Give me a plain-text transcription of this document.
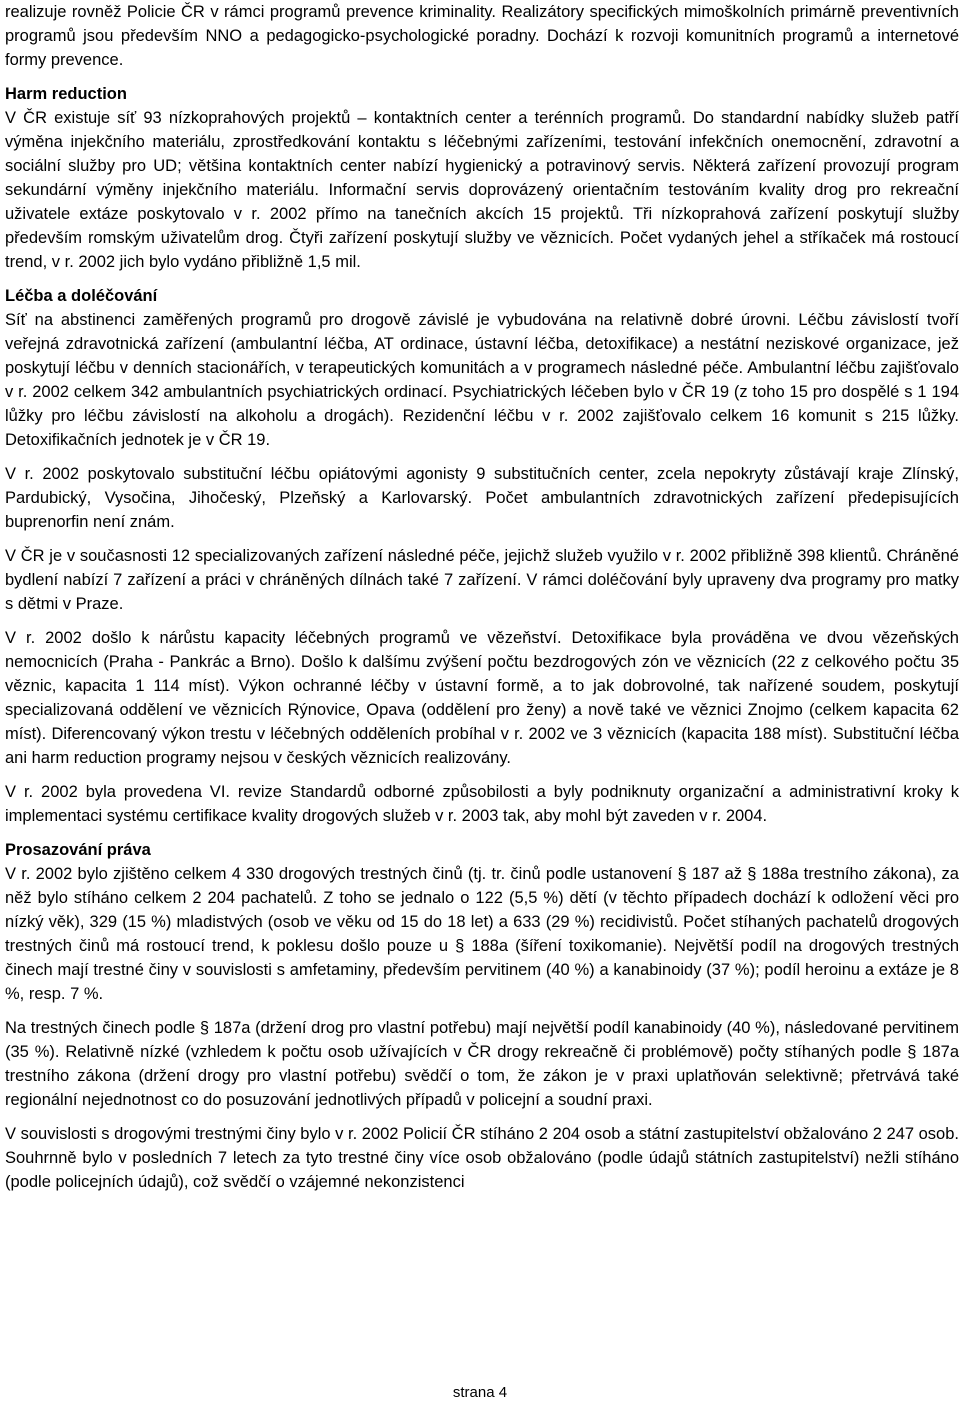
realizuje rovněž Policie ČR v rámci programů prevence kriminality. Realizátory specifických mimoškolních primárně preventivních programů jsou především NNO a pedagogicko-psychologické poradny. Dochází k rozvoji komunitních programů a internetové formy prevence.

Harm reduction

V ČR existuje síť 93 nízkoprahových projektů – kontaktních center a terénních programů. Do standardní nabídky služeb patří výměna injekčního materiálu, zprostředkování kontaktu s léčebnými zařízeními, testování infekčních onemocnění, zdravotní a sociální služby pro UD; většina kontaktních center nabízí hygienický a potravinový servis. Některá zařízení provozují program sekundární výměny injekčního materiálu. Informační servis doprovázený orientačním testováním kvality drog pro rekreační uživatele extáze poskytovalo v r. 2002 přímo na tanečních akcích 15 projektů. Tři nízkoprahová zařízení poskytují služby především romským uživatelům drog. Čtyři zařízení poskytují služby ve věznicích. Počet vydaných jehel a stříkaček má rostoucí trend, v r. 2002 jich bylo vydáno přibližně 1,5 mil.

Léčba a doléčování

Síť na abstinenci zaměřených programů pro drogově závislé je vybudována na relativně dobré úrovni. Léčbu závislostí tvoří veřejná zdravotnická zařízení (ambulantní léčba, AT ordinace, ústavní léčba, detoxifikace) a nestátní neziskové organizace, jež poskytují léčbu v denních stacionářích, v terapeutických komunitách a v programech následné péče. Ambulantní léčbu zajišťovalo v r. 2002 celkem 342 ambulantních psychiatrických ordinací. Psychiatrických léčeben bylo v ČR 19 (z toho 15 pro dospělé s 1 194 lůžky pro léčbu závislostí na alkoholu a drogách). Rezidenční léčbu v r. 2002 zajišťovalo celkem 16 komunit s 215 lůžky. Detoxifikačních jednotek je v ČR 19.

V r. 2002 poskytovalo substituční léčbu opiátovými agonisty 9 substitučních center, zcela nepokryty zůstávají kraje Zlínský, Pardubický, Vysočina, Jihočeský, Plzeňský a Karlovarský. Počet ambulantních zdravotnických zařízení předepisujících buprenorfin není znám.

V ČR je v současnosti 12 specializovaných zařízení následné péče, jejichž služeb využilo v r. 2002 přibližně 398 klientů. Chráněné bydlení nabízí 7 zařízení a práci v chráněných dílnách také 7 zařízení. V rámci doléčování byly upraveny dva programy pro matky s dětmi v Praze.

V r. 2002 došlo k nárůstu kapacity léčebných programů ve vězeňství. Detoxifikace byla prováděna ve dvou vězeňských nemocnicích (Praha - Pankrác a Brno). Došlo k dalšímu zvýšení počtu bezdrogových zón ve věznicích (22 z celkového počtu 35 věznic, kapacita 1 114 míst). Výkon ochranné léčby v ústavní formě, a to jak dobrovolné, tak nařízené soudem, poskytují specializovaná oddělení ve věznicích Rýnovice, Opava (oddělení pro ženy) a nově také ve věznici Znojmo (celkem kapacita 62 míst). Diferencovaný výkon trestu v léčebných odděleních probíhal v r. 2002 ve 3 věznicích (kapacita 188 míst). Substituční léčba ani harm reduction programy nejsou v českých věznicích realizovány.

V r. 2002 byla provedena VI. revize Standardů odborné způsobilosti a byly podniknuty organizační a administrativní kroky k implementaci systému certifikace kvality drogových služeb v r. 2003 tak, aby mohl být zaveden v r. 2004.

Prosazování práva

V r. 2002 bylo zjištěno celkem 4 330 drogových trestných činů (tj. tr. činů podle ustanovení § 187 až § 188a trestního zákona), za něž bylo stíháno celkem 2 204 pachatelů. Z toho se jednalo o 122 (5,5 %) dětí (v těchto případech dochází k odložení věci pro nízký věk), 329 (15 %) mladistvých (osob ve věku od 15 do 18 let) a 633 (29 %) recidivistů. Počet stíhaných pachatelů drogových trestných činů má rostoucí trend, k poklesu došlo pouze u § 188a (šíření toxikomanie). Největší podíl na drogových trestných činech mají trestné činy v souvislosti s amfetaminy, především pervitinem (40 %) a kanabinoidy (37 %); podíl heroinu a extáze je 8 %, resp. 7 %.

Na trestných činech podle § 187a (držení drog pro vlastní potřebu) mají největší podíl kanabinoidy (40 %), následované pervitinem (35 %). Relativně nízké (vzhledem k počtu osob užívajících v ČR drogy rekreačně či problémově) počty stíhaných podle § 187a trestního zákona (držení drogy pro vlastní potřebu) svědčí o tom, že zákon je v praxi uplatňován selektivně; přetrvává také regionální nejednotnost co do posuzování jednotlivých případů v policejní a soudní praxi.

V souvislosti s drogovými trestnými činy bylo v r. 2002 Policií ČR stíháno 2 204 osob a státní zastupitelství obžalováno 2 247 osob. Souhrnně bylo v posledních 7 letech za tyto trestné činy více osob obžalováno (podle údajů státních zastupitelství) nežli stíháno (podle policejních údajů), což svědčí o vzájemné nekonzistenci

strana 4
